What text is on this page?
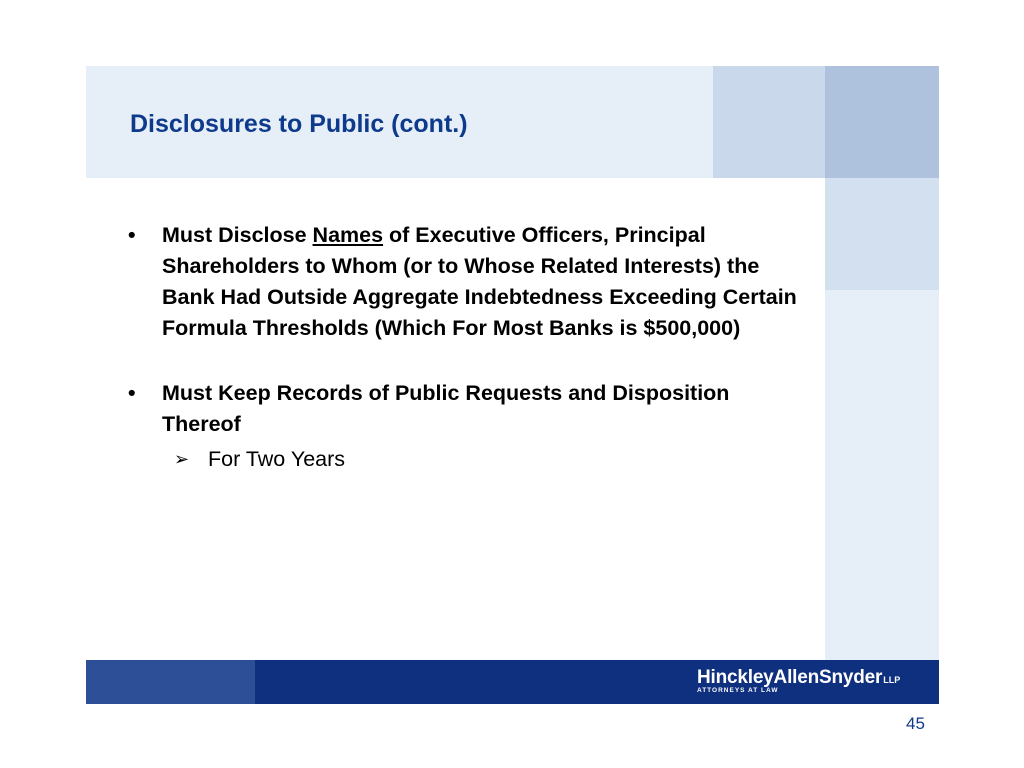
Disclosures to Public (cont.)
• Must Disclose Names of Executive Officers, Principal Shareholders to Whom (or to Whose Related Interests) the Bank Had Outside Aggregate Indebtedness Exceeding Certain Formula Thresholds (Which For Most Banks is $500,000)
• Must Keep Records of Public Requests and Disposition Thereof
➢ For Two Years
HinckleyAllenSnyderLLP
ATTORNEYS AT LAW
45
